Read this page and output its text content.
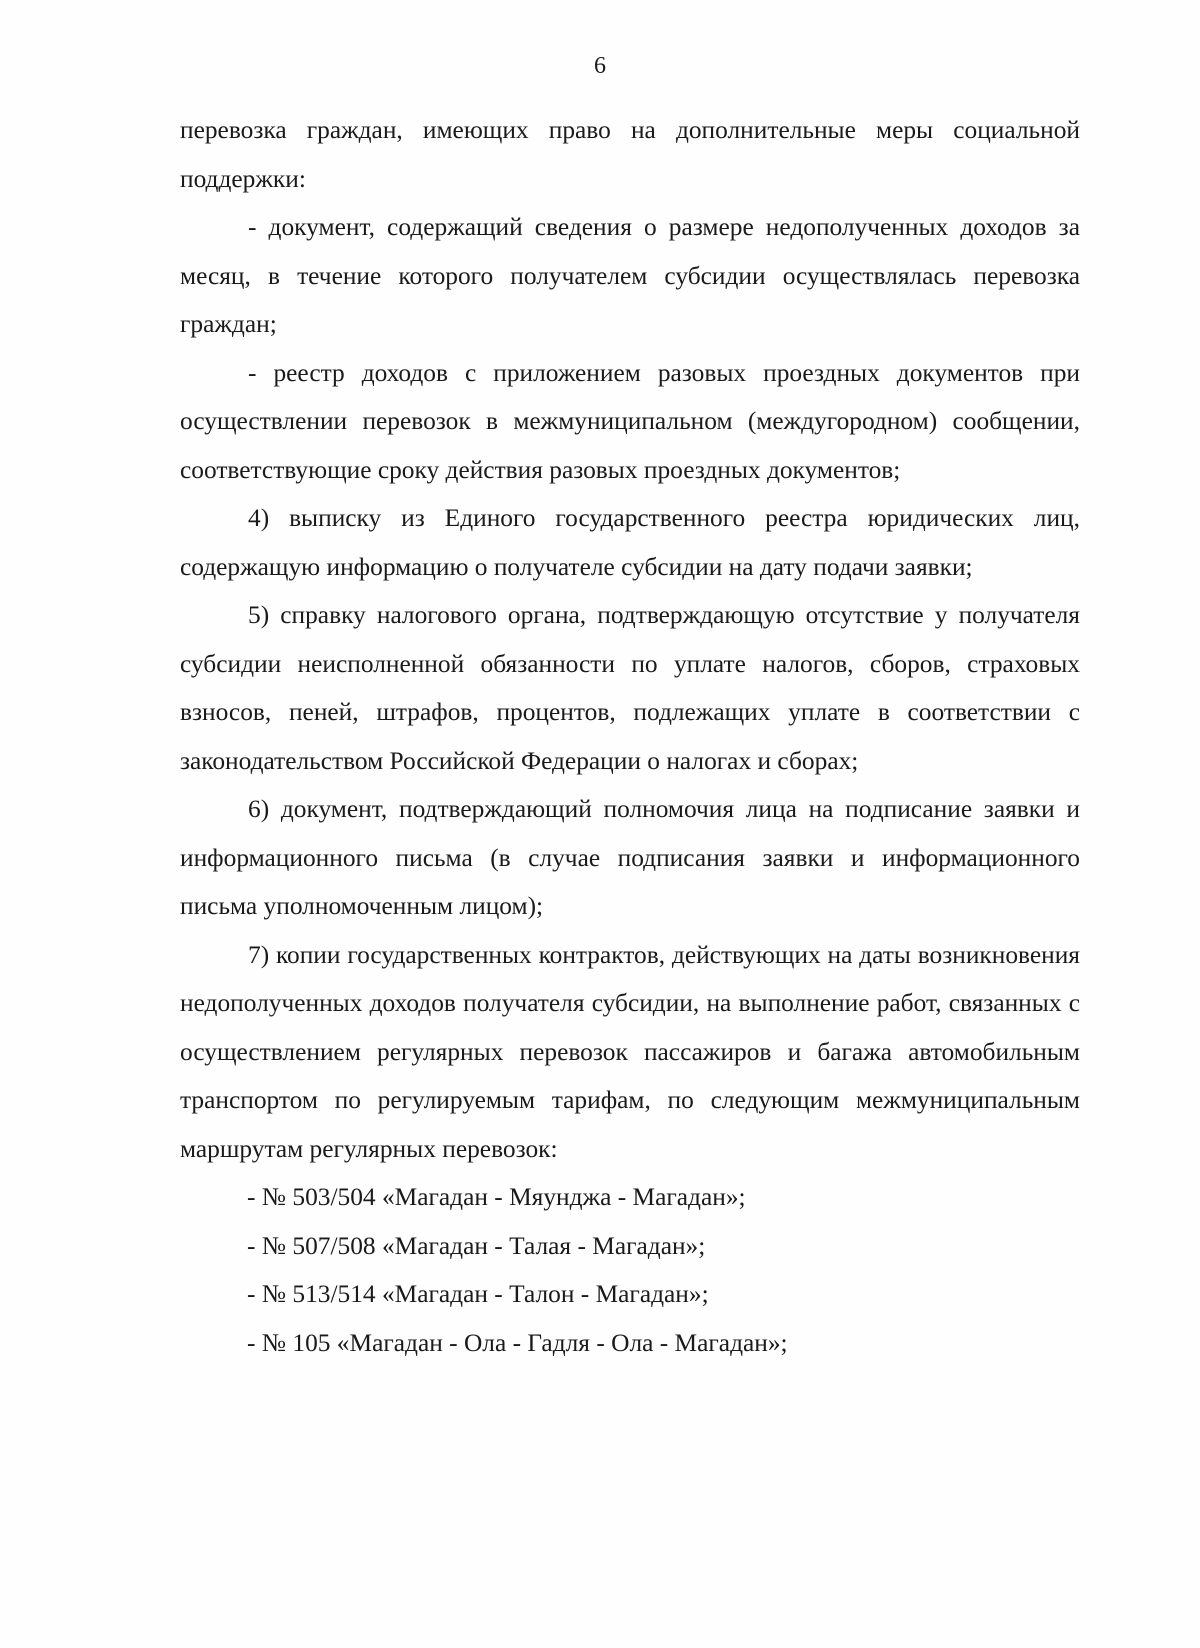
6

перевозка граждан, имеющих право на дополнительные меры социальной поддержки:

- документ, содержащий сведения о размере недополученных доходов за месяц, в течение которого получателем субсидии осуществлялась перевозка граждан;

- реестр доходов с приложением разовых проездных документов при осуществлении перевозок в межмуниципальном (междугородном) сообщении, соответствующие сроку действия разовых проездных документов;

4) выписку из Единого государственного реестра юридических лиц, содержащую информацию о получателе субсидии на дату подачи заявки;

5) справку налогового органа, подтверждающую отсутствие у получателя субсидии неисполненной обязанности по уплате налогов, сборов, страховых взносов, пеней, штрафов, процентов, подлежащих уплате в соответствии с законодательством Российской Федерации о налогах и сборах;

6) документ, подтверждающий полномочия лица на подписание заявки и информационного письма (в случае подписания заявки и информационного письма уполномоченным лицом);

7) копии государственных контрактов, действующих на даты возникновения недополученных доходов получателя субсидии, на выполнение работ, связанных с осуществлением регулярных перевозок пассажиров и багажа автомобильным транспортом по регулируемым тарифам, по следующим межмуниципальным маршрутам регулярных перевозок:

- № 503/504 «Магадан - Мяунджа - Магадан»;

- № 507/508 «Магадан - Талая - Магадан»;

- № 513/514 «Магадан - Талон - Магадан»;

- № 105 «Магадан - Ола - Гадля - Ола - Магадан»;
